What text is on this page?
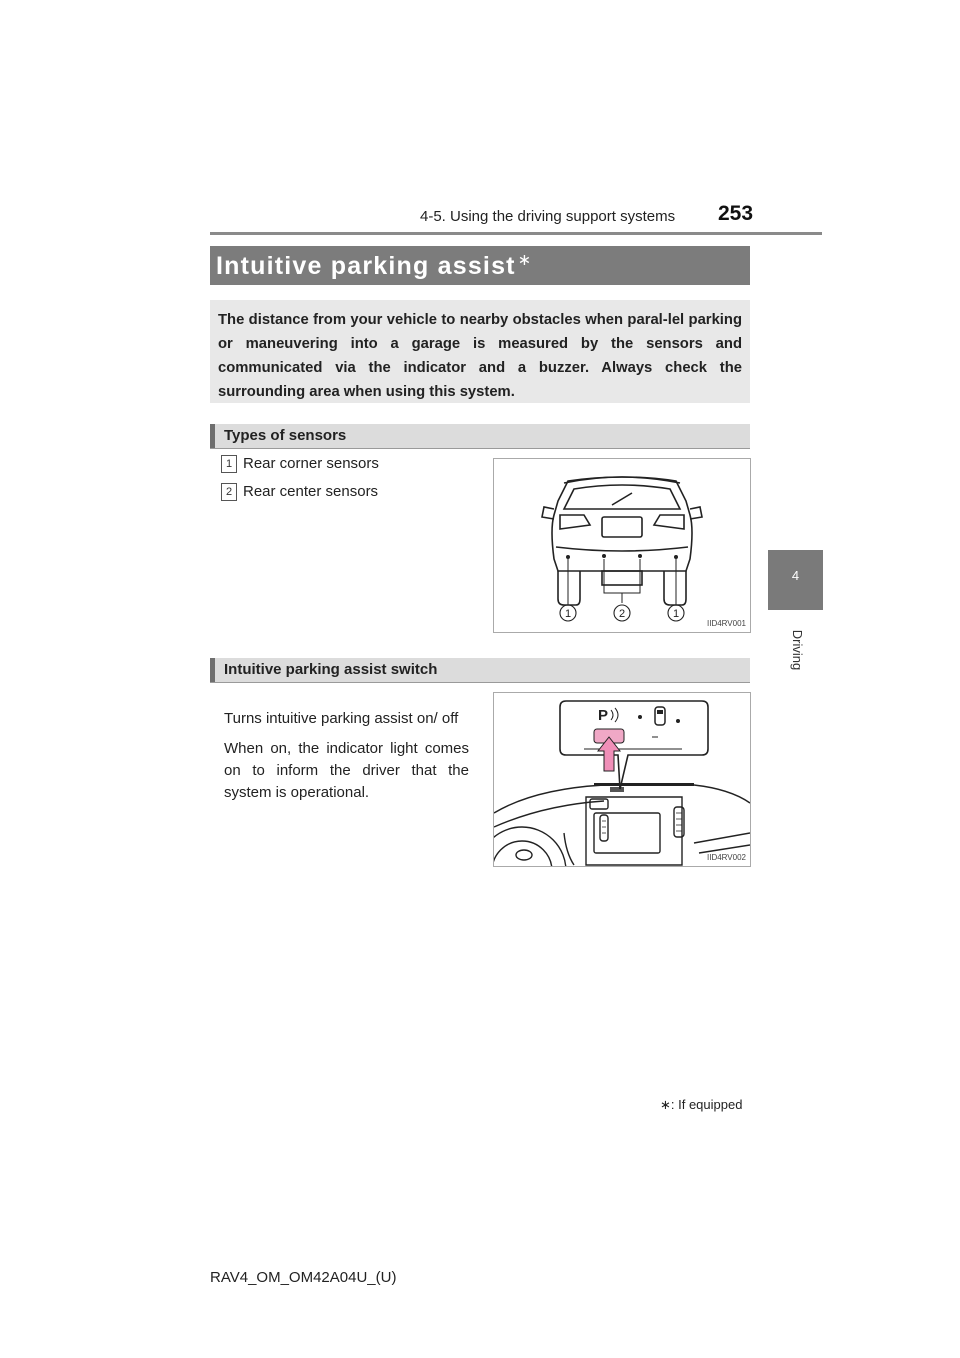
4-5. Using the driving support systems 253
4
Driving
Intuitive parking assist ∗
The distance from your vehicle to nearby obstacles when paral-lel parking or maneuvering into a garage is measured by the sensors and communicated via the indicator and a buzzer. Always check the surrounding area when using this system.
Types of sensors
1 Rear corner sensors
2 Rear center sensors
1	2	1
IID4RV001
Intuitive parking assist switch

Turns intuitive parking assist on/ off

When on, the indicator light comes on to inform the driver that the system is operational.

P
IID4RV002
∗: If equipped
RAV4_OM_OM42A04U_(U)
